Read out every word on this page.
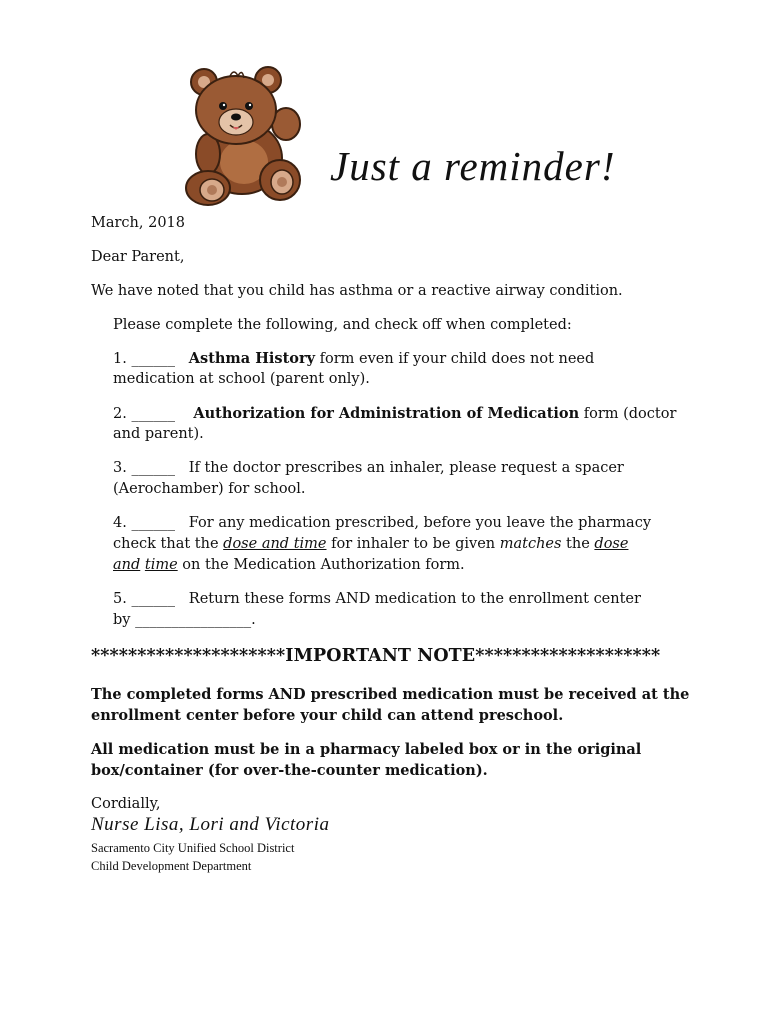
Just a reminder!

March, 2018

Dear Parent,

We have noted that you child has asthma or a reactive airway condition.

Please complete the following, and check off when completed:

1. ______ Asthma History form even if your child does not need

medication at school (parent only).

2. ______ Authorization for Administration of Medication form (doctor

and parent).

3. ______ If the doctor prescribes an inhaler, please request a spacer

(Aerochamber) for school.

4. ______ For any medication prescribed, before you leave the pharmacy

check that the dose and time for inhaler to be given matches the dose

and time on the Medication Authorization form.

5. ______ Return these forms AND medication to the enrollment center

by ________________.

*********************IMPORTANT NOTE********************
The completed forms AND prescribed medication must be received at the
enrollment center before your child can attend preschool.
All medication must be in a pharmacy labeled box or in the original
box/container (for over-the-counter medication).

Cordially,

Nurse Lisa, Lori and Victoria
Sacramento City Unified School District
Child Development Department
